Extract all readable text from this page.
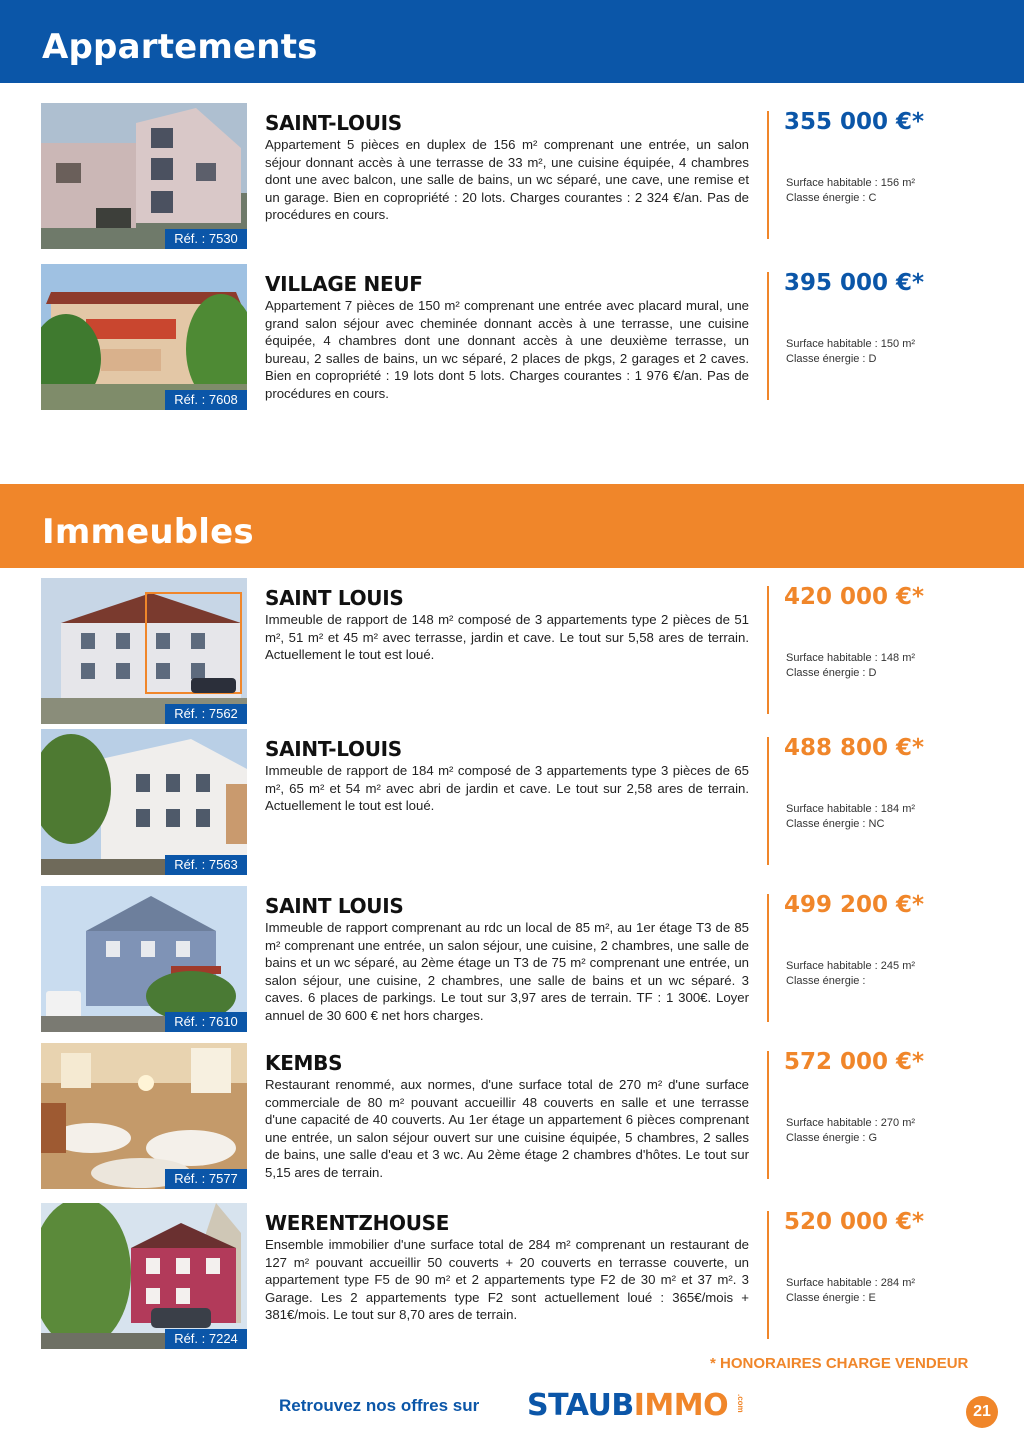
Appartements
Réf. : 7530
SAINT-LOUIS
Appartement 5 pièces en duplex de 156 m² comprenant une entrée, un salon séjour donnant accès à une terrasse de 33 m², une cuisine équipée, 4 chambres dont une avec balcon, une salle de bains, un wc séparé, une cave, une remise et un garage. Bien en copropriété : 20 lots. Charges courantes : 2 324 €/an. Pas de procédures en cours.
355 000 €*
Surface habitable : 156 m²
Classe énergie : C
Réf. : 7608
VILLAGE NEUF
Appartement 7 pièces de 150 m² comprenant une entrée avec placard mural, une grand salon séjour avec cheminée donnant accès à une terrasse, une cuisine équipée, 4 chambres dont une donnant accès à une deuxième terrasse, un bureau, 2 salles de bains, un wc séparé, 2 places de pkgs, 2 garages et 2 caves. Bien en copropriété : 19 lots dont 5 lots. Charges courantes : 1 976 €/an. Pas de procédures en cours.
395 000 €*
Surface habitable : 150 m²
Classe énergie : D
Immeubles
Réf. : 7562
SAINT LOUIS
Immeuble de rapport de 148 m² composé de 3 appartements type 2 pièces de 51 m², 51 m² et 45 m² avec terrasse, jardin et cave. Le tout sur 5,58 ares de terrain. Actuellement le tout est loué.
420 000 €*
Surface habitable : 148 m²
Classe énergie : D
Réf. : 7563
SAINT-LOUIS
Immeuble de rapport de 184 m² composé de 3 appartements type 3 pièces de 65 m², 65 m² et 54 m² avec abri de jardin et cave. Le tout sur 2,58 ares de terrain. Actuellement le tout est loué.
488 800 €*
Surface habitable : 184 m²
Classe énergie : NC
Réf. : 7610
SAINT LOUIS
Immeuble de rapport comprenant au rdc un local de 85 m², au 1er étage T3 de 85 m² comprenant une entrée, un salon séjour, une cuisine, 2 chambres, une salle de bains et un wc séparé, au 2ème étage un T3 de 75 m² comprenant une entrée, un salon séjour, une cuisine, 2 chambres, une salle de bains et un wc séparé. 3 caves. 6 places de parkings. Le tout sur 3,97 ares de terrain. TF : 1 300€. Loyer annuel de 30 600 € net hors charges.
499 200 €*
Surface habitable : 245 m²
Classe énergie :
Réf. : 7577
KEMBS
Restaurant renommé, aux normes, d'une surface total de 270 m² d'une surface commerciale de 80 m² pouvant accueillir 48 couverts en salle et une terrasse d'une capacité de 40 couverts. Au 1er étage un appartement 6 pièces comprenant une entrée, un salon séjour ouvert sur une cuisine équipée, 5 chambres, 2 salles de bains, une salle d'eau et 3 wc. Au 2ème étage 2 chambres d'hôtes. Le tout sur 5,15 ares de terrain.
572 000 €*
Surface habitable : 270 m²
Classe énergie : G
Réf. : 7224
WERENTZHOUSE
Ensemble immobilier d'une surface total de 284 m² comprenant un restaurant de 127 m² pouvant accueillir 50 couverts + 20 couverts en terrasse couverte, un appartement type F5 de 90 m² et 2 appartements type F2 de 30 m² et 37 m². 3 Garage. Les 2 appartements type F2 sont actuellement loué : 365€/mois + 381€/mois. Le tout sur 8,70 ares de terrain.
520 000 €*
Surface habitable : 284 m²
Classe énergie : E
* HONORAIRES CHARGE VENDEUR
Retrouvez nos offres sur STAUBIMMO .com	21
